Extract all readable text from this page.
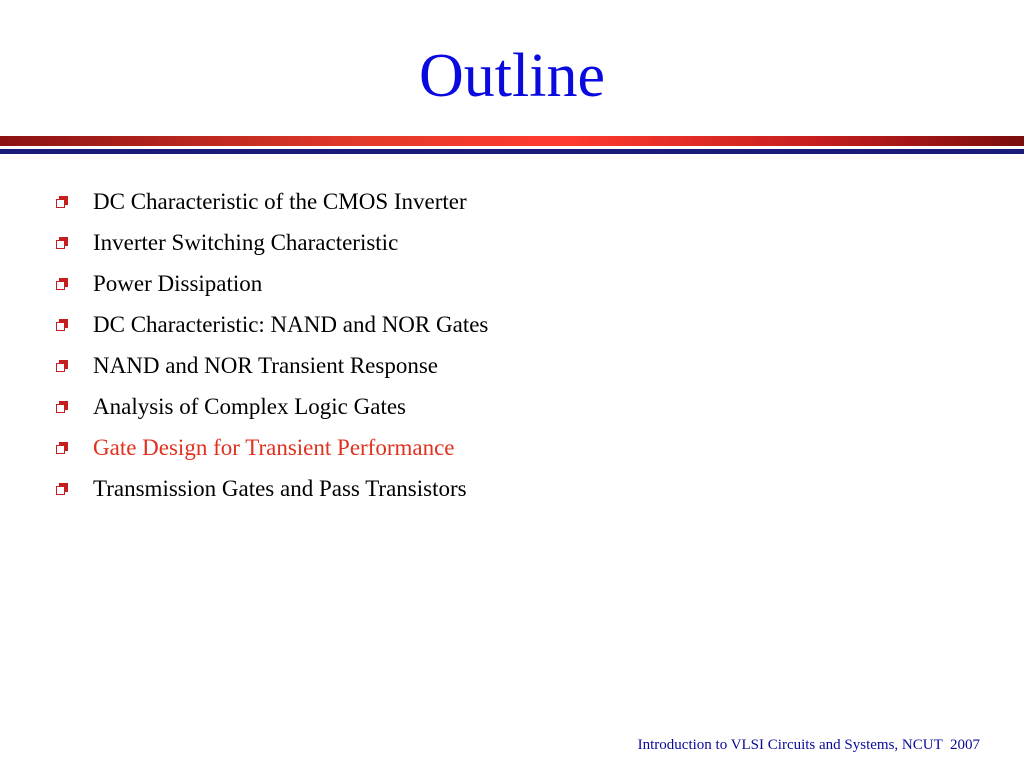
Outline
DC Characteristic of the CMOS Inverter
Inverter Switching Characteristic
Power Dissipation
DC Characteristic: NAND and NOR Gates
NAND and NOR Transient Response
Analysis of Complex Logic Gates
Gate Design for Transient Performance
Transmission Gates and Pass Transistors
Introduction to VLSI Circuits and Systems, NCUT  2007
